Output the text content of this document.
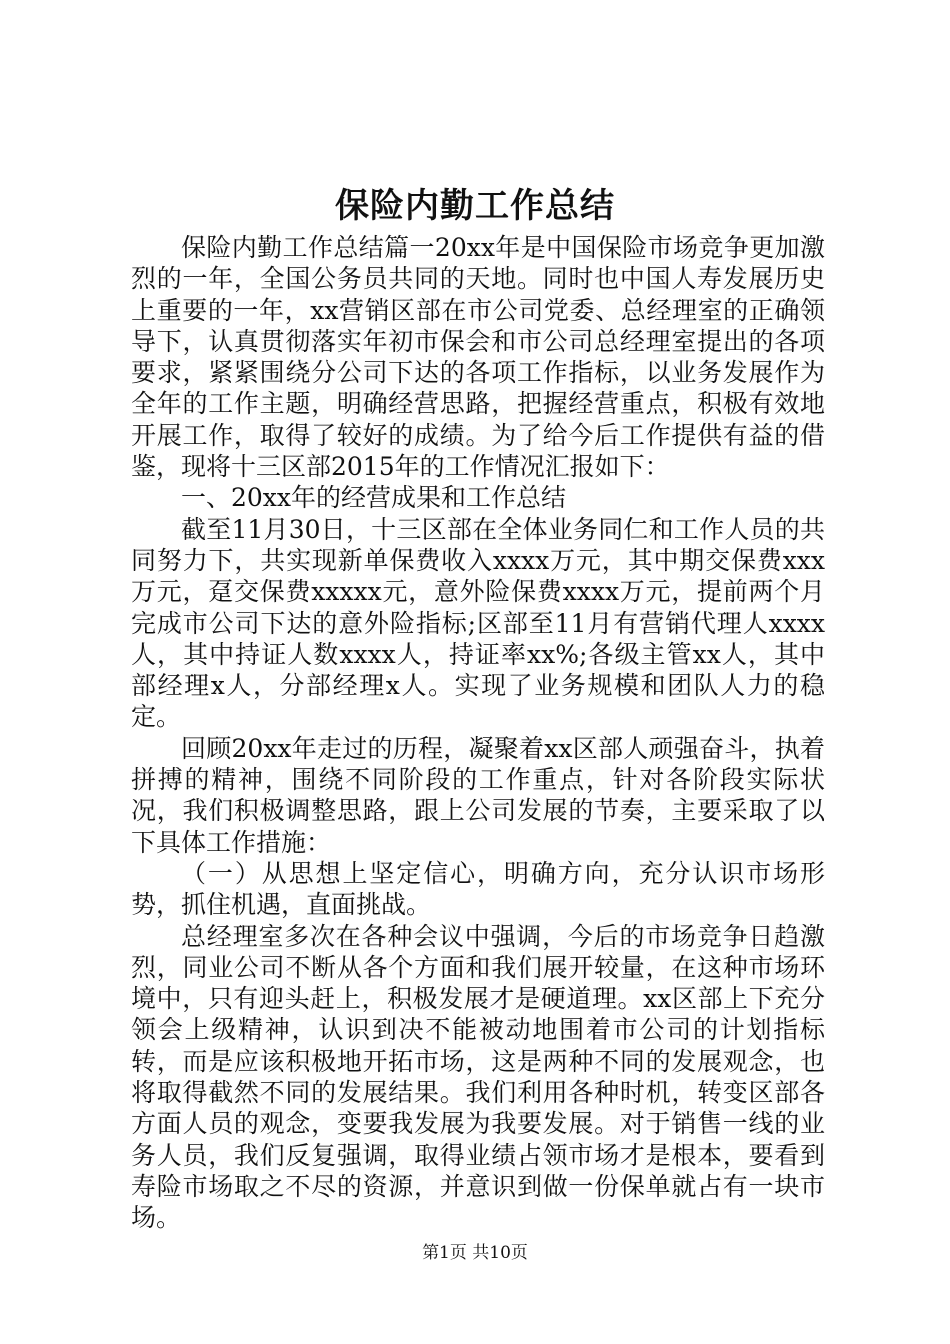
保险内勤工作总结

保险内勤工作总结篇一20xx年是中国保险市场竞争更加激烈的一年，全国公务员共同的天地。同时也中国人寿发展历史上重要的一年，xx营销区部在市公司党委、总经理室的正确领导下，认真贯彻落实年初市保会和市公司总经理室提出的各项要求，紧紧围绕分公司下达的各项工作指标，以业务发展作为全年的工作主题，明确经营思路，把握经营重点，积极有效地开展工作，取得了较好的成绩。为了给今后工作提供有益的借鉴，现将十三区部2015年的工作情况汇报如下：

一、20xx年的经营成果和工作总结

截至11月30日，十三区部在全体业务同仁和工作人员的共同努力下，共实现新单保费收入xxxx万元，其中期交保费xxx万元，趸交保费xxxxx元，意外险保费xxxx万元，提前两个月完成市公司下达的意外险指标;区部至11月有营销代理人xxxx人，其中持证人数xxxx人，持证率xx%;各级主管xx人，其中部经理x人，分部经理x人。实现了业务规模和团队人力的稳定。

回顾20xx年走过的历程，凝聚着xx区部人顽强奋斗，执着拼搏的精神，围绕不同阶段的工作重点，针对各阶段实际状况，我们积极调整思路，跟上公司发展的节奏，主要采取了以下具体工作措施：

（一）从思想上坚定信心，明确方向，充分认识市场形势，抓住机遇，直面挑战。

总经理室多次在各种会议中强调，今后的市场竞争日趋激烈，同业公司不断从各个方面和我们展开较量，在这种市场环境中，只有迎头赶上，积极发展才是硬道理。xx区部上下充分领会上级精神，认识到决不能被动地围着市公司的计划指标转，而是应该积极地开拓市场，这是两种不同的发展观念，也将取得截然不同的发展结果。我们利用各种时机，转变区部各方面人员的观念，变要我发展为我要发展。对于销售一线的业务人员，我们反复强调，取得业绩占领市场才是根本，要看到寿险市场取之不尽的资源，并意识到做一份保单就占有一块市场。

第1页 共10页
